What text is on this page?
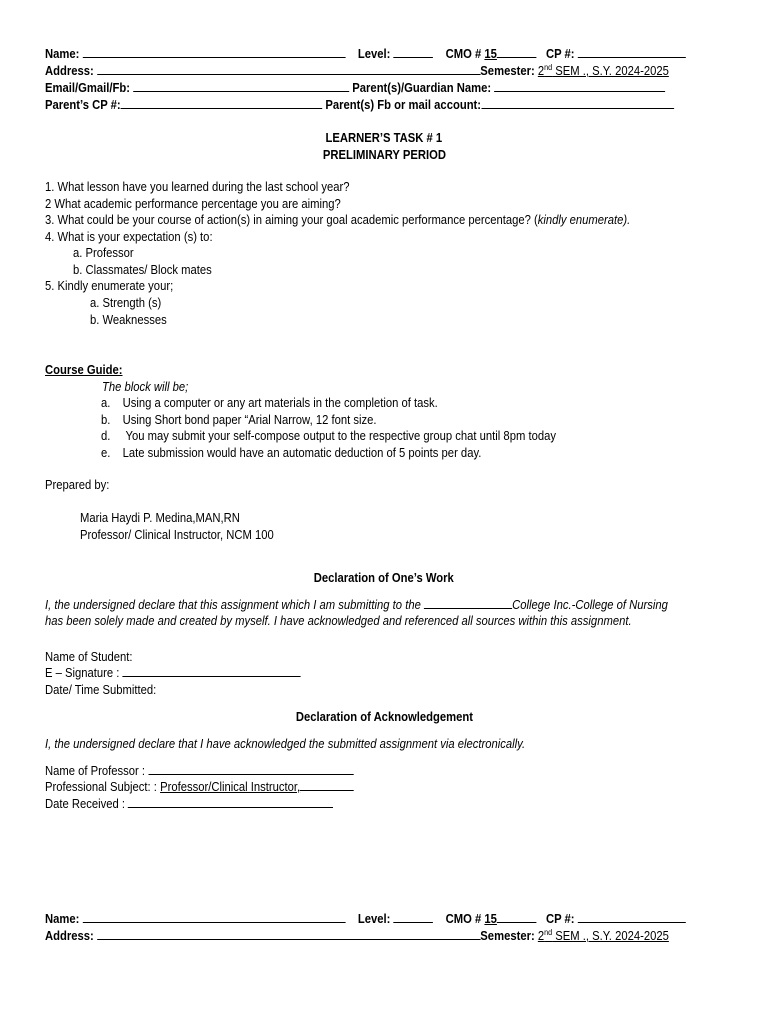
Name:	Level:	CMO # 15	CP #:
Address:	Semester: 2nd SEM ., S.Y. 2024-2025
Email/Gmail/Fb:	Parent(s)/Guardian Name:
Parent’s CP #:	Parent(s) Fb or mail account:
LEARNER’S TASK # 1
PRELIMINARY PERIOD
1. What lesson have you learned during the last school year?
2 What academic performance percentage you are aiming?
3. What could be your course of action(s) in aiming your goal academic performance percentage? (kindly enumerate).
4. What is your expectation (s) to:
a. Professor
b. Classmates/ Block mates
5. Kindly enumerate your;
a. Strength (s)
b. Weaknesses
Course Guide:
The block will be;
a. Using a computer or any art materials in the completion of task.
b. Using Short bond paper “Arial Narrow, 12 font size.
d. You may submit your self-compose output to the respective group chat until 8pm today
e. Late submission would have an automatic deduction of 5 points per day.
Prepared by:
Maria Haydi P. Medina,MAN,RN
Professor/ Clinical Instructor, NCM 100
Declaration of One’s Work
I, the undersigned declare that this assignment which I am submitting to the	College Inc.-College of Nursing
has been solely made and created by myself. I have acknowledged and referenced all sources within this assignment.
Name of Student:
E – Signature :
Date/ Time Submitted:
Declaration of Acknowledgement
I, the undersigned declare that I have acknowledged the submitted assignment via electronically.
Name of Professor :
Professional Subject: : Professor/Clinical Instructor,
Date Received :
Name:	Level:	CMO # 15	CP #:
Address:	Semester: 2nd SEM ., S.Y. 2024-2025
